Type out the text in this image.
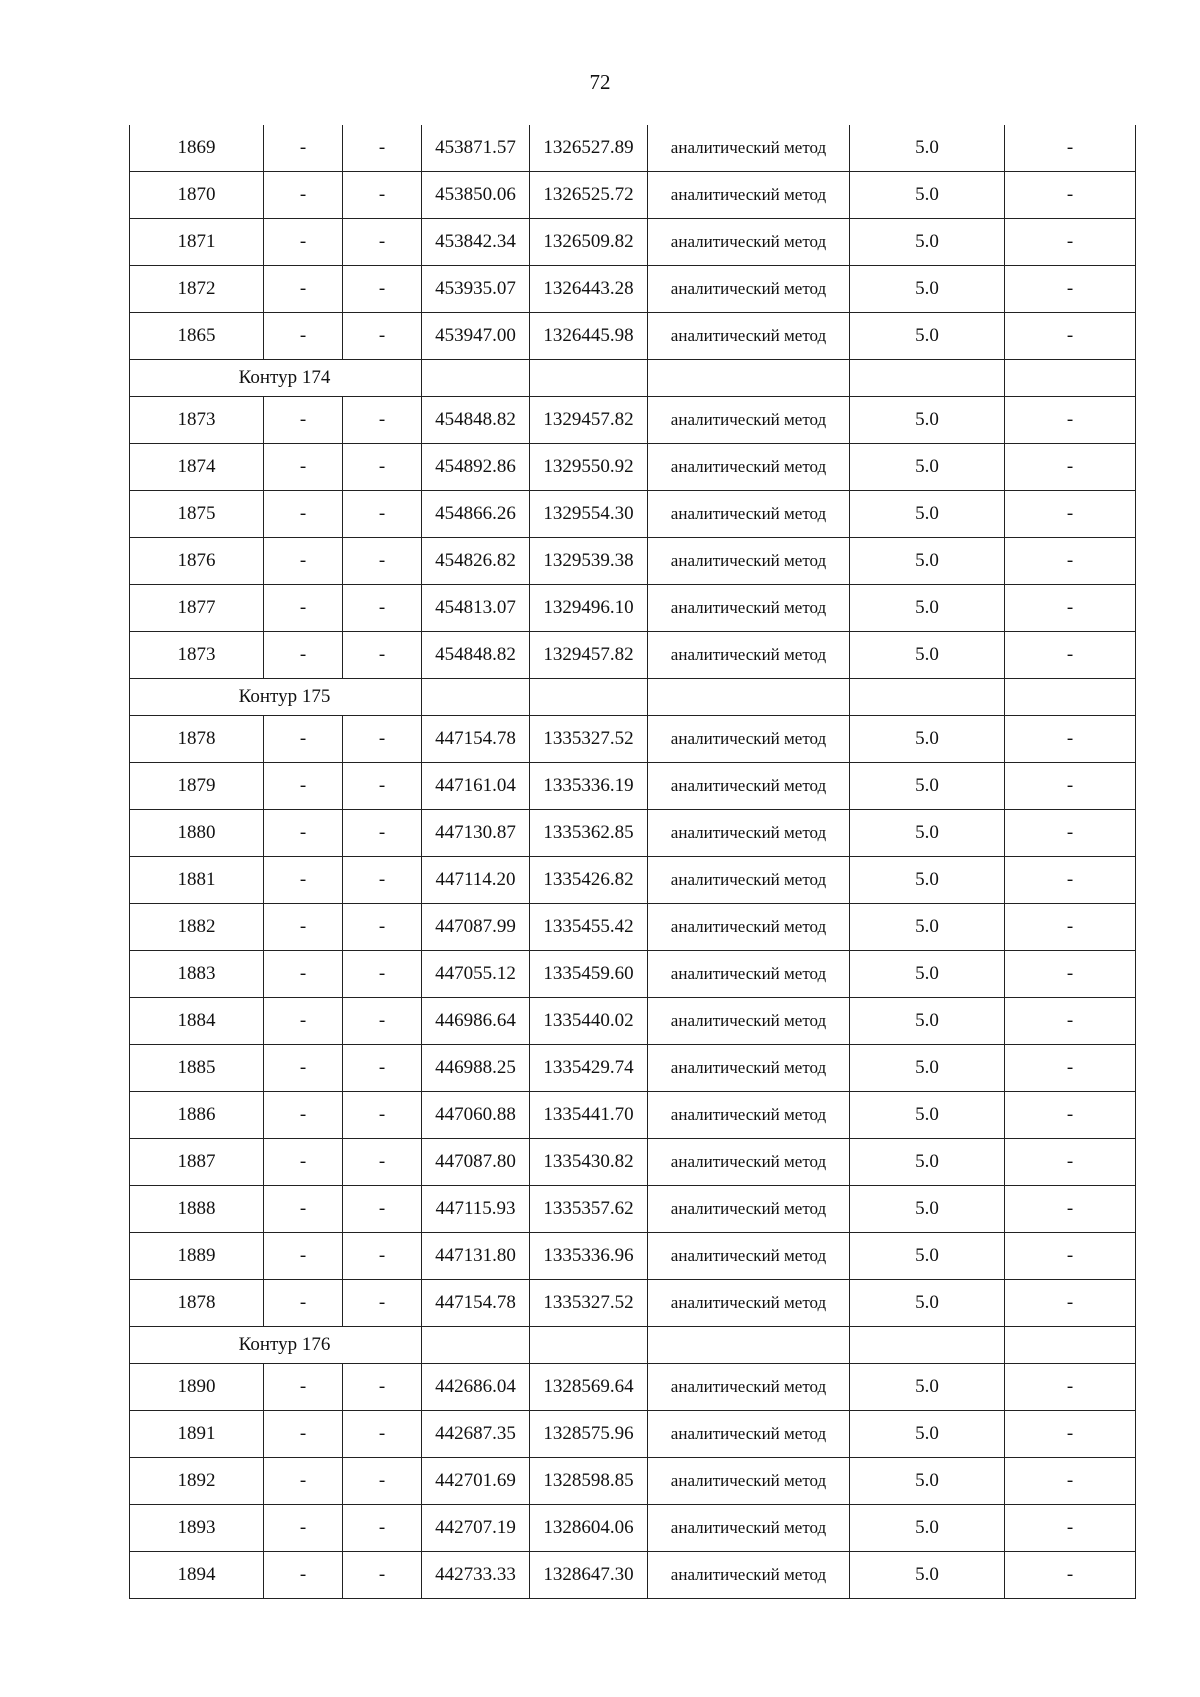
72
1869	-	-	453871.57	1326527.89	аналитический метод	5.0	-
1870	-	-	453850.06	1326525.72	аналитический метод	5.0	-
1871	-	-	453842.34	1326509.82	аналитический метод	5.0	-
1872	-	-	453935.07	1326443.28	аналитический метод	5.0	-
1865	-	-	453947.00	1326445.98	аналитический метод	5.0	-
Контур 174							
1873	-	-	454848.82	1329457.82	аналитический метод	5.0	-
1874	-	-	454892.86	1329550.92	аналитический метод	5.0	-
1875	-	-	454866.26	1329554.30	аналитический метод	5.0	-
1876	-	-	454826.82	1329539.38	аналитический метод	5.0	-
1877	-	-	454813.07	1329496.10	аналитический метод	5.0	-
1873	-	-	454848.82	1329457.82	аналитический метод	5.0	-
Контур 175							
1878	-	-	447154.78	1335327.52	аналитический метод	5.0	-
1879	-	-	447161.04	1335336.19	аналитический метод	5.0	-
1880	-	-	447130.87	1335362.85	аналитический метод	5.0	-
1881	-	-	447114.20	1335426.82	аналитический метод	5.0	-
1882	-	-	447087.99	1335455.42	аналитический метод	5.0	-
1883	-	-	447055.12	1335459.60	аналитический метод	5.0	-
1884	-	-	446986.64	1335440.02	аналитический метод	5.0	-
1885	-	-	446988.25	1335429.74	аналитический метод	5.0	-
1886	-	-	447060.88	1335441.70	аналитический метод	5.0	-
1887	-	-	447087.80	1335430.82	аналитический метод	5.0	-
1888	-	-	447115.93	1335357.62	аналитический метод	5.0	-
1889	-	-	447131.80	1335336.96	аналитический метод	5.0	-
1878	-	-	447154.78	1335327.52	аналитический метод	5.0	-
Контур 176							
1890	-	-	442686.04	1328569.64	аналитический метод	5.0	-
1891	-	-	442687.35	1328575.96	аналитический метод	5.0	-
1892	-	-	442701.69	1328598.85	аналитический метод	5.0	-
1893	-	-	442707.19	1328604.06	аналитический метод	5.0	-
1894	-	-	442733.33	1328647.30	аналитический метод	5.0	-
